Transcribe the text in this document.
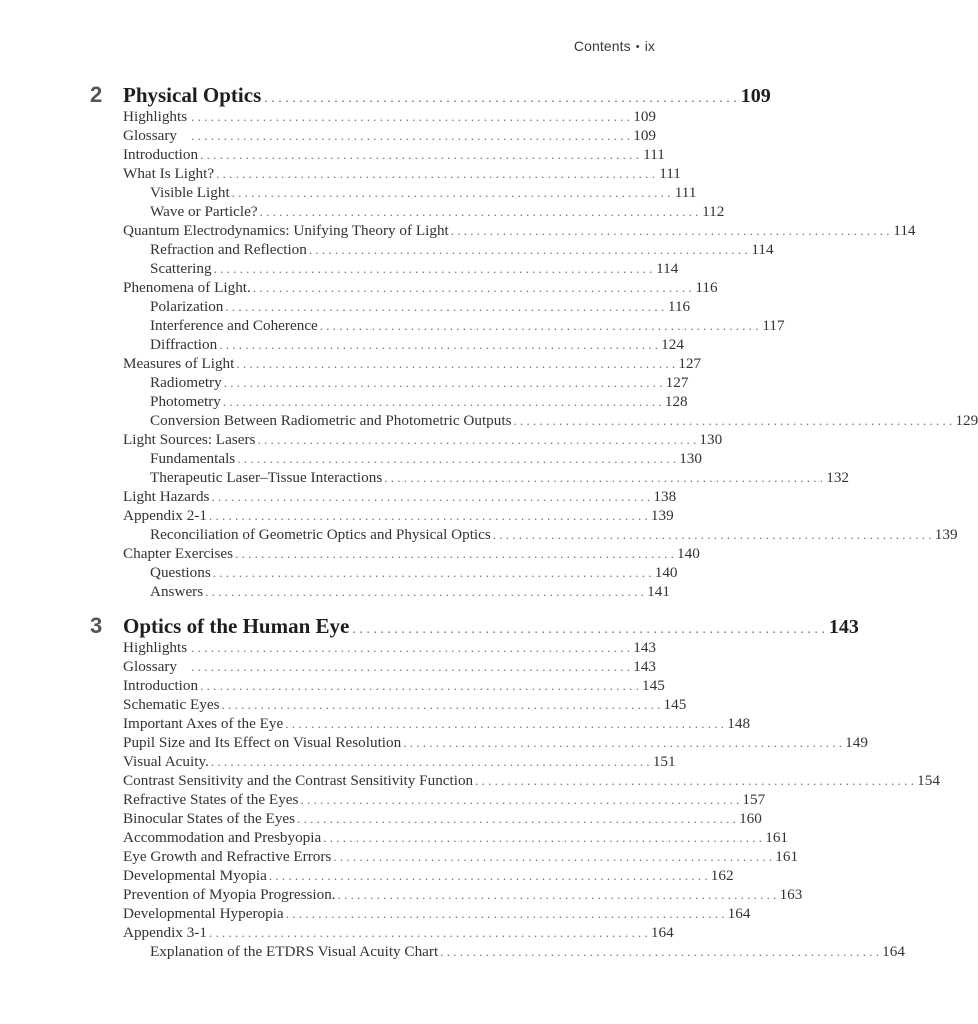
Contents • ix
2 Physical Optics . . . . . . . . . . . . . . . . . . . . . . . . . . . . . . . . . . . . . . . . . . . . . . . . . . . . . . . . . . . . . . . . . . . . 109
Highlights . . . . . . . . . . . . . . . . . . . . . . . . . . . . . . . . . . . . . . . . . . . . . . . . . . . . . . . . . . . . . . . . . . . . 109
Glossary	. . . . . . . . . . . . . . . . . . . . . . . . . . . . . . . . . . . . . . . . . . . . . . . . . . . . . . . . . . . . . . . . . . . . 109
Introduction . . . . . . . . . . . . . . . . . . . . . . . . . . . . . . . . . . . . . . . . . . . . . . . . . . . . . . . . . . . . . . . . . . . . 111
What Is Light? . . . . . . . . . . . . . . . . . . . . . . . . . . . . . . . . . . . . . . . . . . . . . . . . . . . . . . . . . . . . . . . . . . . . 111
Visible Light . . . . . . . . . . . . . . . . . . . . . . . . . . . . . . . . . . . . . . . . . . . . . . . . . . . . . . . . . . . . . . . . . . . . 111
Wave or Particle? . . . . . . . . . . . . . . . . . . . . . . . . . . . . . . . . . . . . . . . . . . . . . . . . . . . . . . . . . . . . . . . . . . . . 112
Quantum Electrodynamics: Unifying Theory of Light . . . . . . . . . . . . . . . . . . . . . . . . . . . . . . . . . . . . . . . . . . . . . . . . . . . . . . . . . . . . . . . . . . . . 114
Refraction and Reflection . . . . . . . . . . . . . . . . . . . . . . . . . . . . . . . . . . . . . . . . . . . . . . . . . . . . . . . . . . . . . . . . . . . . 114
Scattering . . . . . . . . . . . . . . . . . . . . . . . . . . . . . . . . . . . . . . . . . . . . . . . . . . . . . . . . . . . . . . . . . . . . 114
Phenomena of Light. . . . . . . . . . . . . . . . . . . . . . . . . . . . . . . . . . . . . . . . . . . . . . . . . . . . . . . . . . . . . . . . . . . . . 116
Polarization . . . . . . . . . . . . . . . . . . . . . . . . . . . . . . . . . . . . . . . . . . . . . . . . . . . . . . . . . . . . . . . . . . . . 116
Interference and Coherence . . . . . . . . . . . . . . . . . . . . . . . . . . . . . . . . . . . . . . . . . . . . . . . . . . . . . . . . . . . . . . . . . . . . 117
Diffraction . . . . . . . . . . . . . . . . . . . . . . . . . . . . . . . . . . . . . . . . . . . . . . . . . . . . . . . . . . . . . . . . . . . . 124
Measures of Light . . . . . . . . . . . . . . . . . . . . . . . . . . . . . . . . . . . . . . . . . . . . . . . . . . . . . . . . . . . . . . . . . . . . 127
Radiometry . . . . . . . . . . . . . . . . . . . . . . . . . . . . . . . . . . . . . . . . . . . . . . . . . . . . . . . . . . . . . . . . . . . . 127
Photometry . . . . . . . . . . . . . . . . . . . . . . . . . . . . . . . . . . . . . . . . . . . . . . . . . . . . . . . . . . . . . . . . . . . . 128
Conversion Between Radiometric and Photometric Outputs . . . . . . . . . . . . . . . . . . . . . . . . . . . . . . . . . . . . . . . . . . . . . . . . . . . . . . . . . . . . . . . . . . . . 129
Light Sources: Lasers . . . . . . . . . . . . . . . . . . . . . . . . . . . . . . . . . . . . . . . . . . . . . . . . . . . . . . . . . . . . . . . . . . . . 130
Fundamentals . . . . . . . . . . . . . . . . . . . . . . . . . . . . . . . . . . . . . . . . . . . . . . . . . . . . . . . . . . . . . . . . . . . . 130
Therapeutic Laser–Tissue Interactions . . . . . . . . . . . . . . . . . . . . . . . . . . . . . . . . . . . . . . . . . . . . . . . . . . . . . . . . . . . . . . . . . . . . 132
Light Hazards . . . . . . . . . . . . . . . . . . . . . . . . . . . . . . . . . . . . . . . . . . . . . . . . . . . . . . . . . . . . . . . . . . . . 138
Appendix 2-1 . . . . . . . . . . . . . . . . . . . . . . . . . . . . . . . . . . . . . . . . . . . . . . . . . . . . . . . . . . . . . . . . . . . . 139
Reconciliation of Geometric Optics and Physical Optics . . . . . . . . . . . . . . . . . . . . . . . . . . . . . . . . . . . . . . . . . . . . . . . . . . . . . . . . . . . . . . . . . . . . 139
Chapter Exercises . . . . . . . . . . . . . . . . . . . . . . . . . . . . . . . . . . . . . . . . . . . . . . . . . . . . . . . . . . . . . . . . . . . . 140
Questions . . . . . . . . . . . . . . . . . . . . . . . . . . . . . . . . . . . . . . . . . . . . . . . . . . . . . . . . . . . . . . . . . . . . 140
Answers . . . . . . . . . . . . . . . . . . . . . . . . . . . . . . . . . . . . . . . . . . . . . . . . . . . . . . . . . . . . . . . . . . . . 141
3 Optics of the Human Eye . . . . . . . . . . . . . . . . . . . . . . . . . . . . . . . . . . . . . . . . . . . . . . . . . . . . . . . . . . . . . . . . . . . . 143
Highlights . . . . . . . . . . . . . . . . . . . . . . . . . . . . . . . . . . . . . . . . . . . . . . . . . . . . . . . . . . . . . . . . . . . . 143
Glossary	. . . . . . . . . . . . . . . . . . . . . . . . . . . . . . . . . . . . . . . . . . . . . . . . . . . . . . . . . . . . . . . . . . . . 143
Introduction . . . . . . . . . . . . . . . . . . . . . . . . . . . . . . . . . . . . . . . . . . . . . . . . . . . . . . . . . . . . . . . . . . . . 145
Schematic Eyes . . . . . . . . . . . . . . . . . . . . . . . . . . . . . . . . . . . . . . . . . . . . . . . . . . . . . . . . . . . . . . . . . . . . 145
Important Axes of the Eye . . . . . . . . . . . . . . . . . . . . . . . . . . . . . . . . . . . . . . . . . . . . . . . . . . . . . . . . . . . . . . . . . . . . 148
Pupil Size and Its Effect on Visual Resolution . . . . . . . . . . . . . . . . . . . . . . . . . . . . . . . . . . . . . . . . . . . . . . . . . . . . . . . . . . . . . . . . . . . . 149
Visual Acuity. . . . . . . . . . . . . . . . . . . . . . . . . . . . . . . . . . . . . . . . . . . . . . . . . . . . . . . . . . . . . . . . . . . . . 151
Contrast Sensitivity and the Contrast Sensitivity Function . . . . . . . . . . . . . . . . . . . . . . . . . . . . . . . . . . . . . . . . . . . . . . . . . . . . . . . . . . . . . . . . . . . . 154
Refractive States of the Eyes . . . . . . . . . . . . . . . . . . . . . . . . . . . . . . . . . . . . . . . . . . . . . . . . . . . . . . . . . . . . . . . . . . . . 157
Binocular States of the Eyes . . . . . . . . . . . . . . . . . . . . . . . . . . . . . . . . . . . . . . . . . . . . . . . . . . . . . . . . . . . . . . . . . . . . 160
Accommodation and Presbyopia . . . . . . . . . . . . . . . . . . . . . . . . . . . . . . . . . . . . . . . . . . . . . . . . . . . . . . . . . . . . . . . . . . . . 161
Eye Growth and Refractive Errors . . . . . . . . . . . . . . . . . . . . . . . . . . . . . . . . . . . . . . . . . . . . . . . . . . . . . . . . . . . . . . . . . . . . 161
Developmental Myopia . . . . . . . . . . . . . . . . . . . . . . . . . . . . . . . . . . . . . . . . . . . . . . . . . . . . . . . . . . . . . . . . . . . . 162
Prevention of Myopia Progression. . . . . . . . . . . . . . . . . . . . . . . . . . . . . . . . . . . . . . . . . . . . . . . . . . . . . . . . . . . . . . . . . . . . . 163
Developmental Hyperopia . . . . . . . . . . . . . . . . . . . . . . . . . . . . . . . . . . . . . . . . . . . . . . . . . . . . . . . . . . . . . . . . . . . . 164
Appendix 3-1 . . . . . . . . . . . . . . . . . . . . . . . . . . . . . . . . . . . . . . . . . . . . . . . . . . . . . . . . . . . . . . . . . . . . 164
Explanation of the ETDRS Visual Acuity Chart . . . . . . . . . . . . . . . . . . . . . . . . . . . . . . . . . . . . . . . . . . . . . . . . . . . . . . . . . . . . . . . . . . . . 164
